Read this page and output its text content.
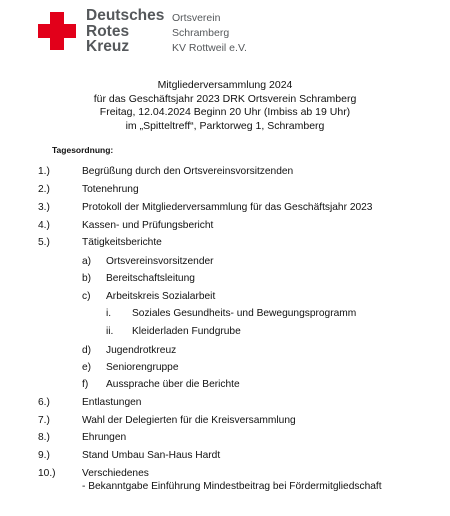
Deutsches
Rotes
Kreuz
Ortsverein
Schramberg
KV Rottweil e.V.
Mitgliederversammlung 2024
für das Geschäftsjahr 2023 DRK Ortsverein Schramberg
Freitag, 12.04.2024 Beginn 20 Uhr (Imbiss ab 19 Uhr)
im „Spitteltreff“, Parktorweg 1, Schramberg
Tagesordnung:
1.)	Begrüßung durch den Ortsvereinsvorsitzenden
2.)	Totenehrung
3.)	Protokoll der Mitgliederversammlung für das Geschäftsjahr 2023
4.)	Kassen- und Prüfungsbericht
5.)	Tätigkeitsberichte
a) Ortsvereinsvorsitzender
b) Bereitschaftsleitung
c) Arbeitskreis Sozialarbeit
i. Soziales Gesundheits- und Bewegungsprogramm
ii. Kleiderladen Fundgrube
d) Jugendrotkreuz
e) Seniorengruppe
f) Aussprache über die Berichte
6.)	Entlastungen
7.)	Wahl der Delegierten für die Kreisversammlung
8.)	Ehrungen
9.)	Stand Umbau San-Haus Hardt
10.)	Verschiedenes
- Bekanntgabe Einführung Mindestbeitrag bei Fördermitgliedschaft
